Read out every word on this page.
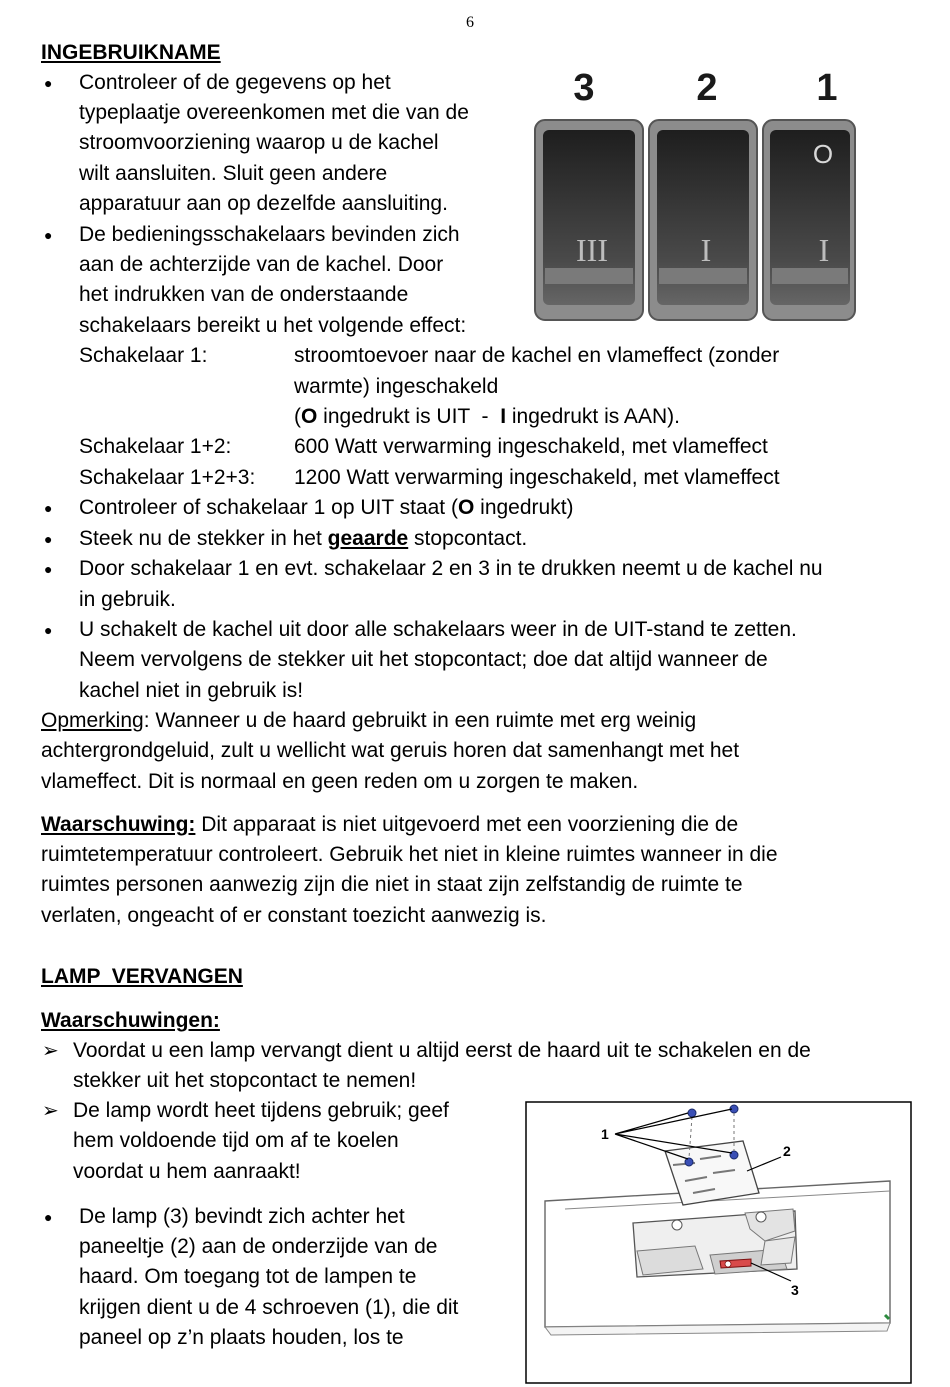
6
INGEBRUIKNAME
● Controleer of de gegevens op het
typeplaatje overeenkomen met die van de
stroomvoorziening waarop u de kachel
wilt aansluiten. Sluit geen andere
apparatuur aan op dezelfde aansluiting.
● De bedieningsschakelaars bevinden zich
aan de achterzijde van de kachel. Door
het indrukken van de onderstaande
schakelaars bereikt u het volgende effect:
3	2	1
O
III	I	I
Schakelaar 1:	stroomtoevoer naar de kachel en vlameffect (zonder
warmte) ingeschakeld
(O ingedrukt is UIT  -  I ingedrukt is AAN).
Schakelaar 1+2:	600 Watt verwarming ingeschakeld, met vlameffect
Schakelaar 1+2+3: 1200 Watt verwarming ingeschakeld, met vlameffect
● Controleer of schakelaar 1 op UIT staat (O ingedrukt)
● Steek nu de stekker in het geaarde stopcontact.
● Door schakelaar 1 en evt. schakelaar 2 en 3 in te drukken neemt u de kachel nu
in gebruik.
● U schakelt de kachel uit door alle schakelaars weer in de UIT-stand te zetten.
Neem vervolgens de stekker uit het stopcontact; doe dat altijd wanneer de
kachel niet in gebruik is!
Opmerking: Wanneer u de haard gebruikt in een ruimte met erg weinig
achtergrondgeluid, zult u wellicht wat geruis horen dat samenhangt met het
vlameffect. Dit is normaal en geen reden om u zorgen te maken.
Waarschuwing: Dit apparaat is niet uitgevoerd met een voorziening die de
ruimtetemperatuur controleert. Gebruik het niet in kleine ruimtes wanneer in die
ruimtes personen aanwezig zijn die niet in staat zijn zelfstandig de ruimte te
verlaten, ongeacht of er constant toezicht aanwezig is.
LAMP  VERVANGEN
Waarschuwingen:
➢ Voordat u een lamp vervangt dient u altijd eerst de haard uit te schakelen en de
stekker uit het stopcontact te nemen!
➢ De lamp wordt heet tijdens gebruik; geef
hem voldoende tijd om af te koelen
voordat u hem aanraakt!
● De lamp (3) bevindt zich achter het
paneeltje (2) aan de onderzijde van de
haard. Om toegang tot de lampen te
krijgen dient u de 4 schroeven (1), die dit
paneel op z’n plaats houden, los te
1
2
3
